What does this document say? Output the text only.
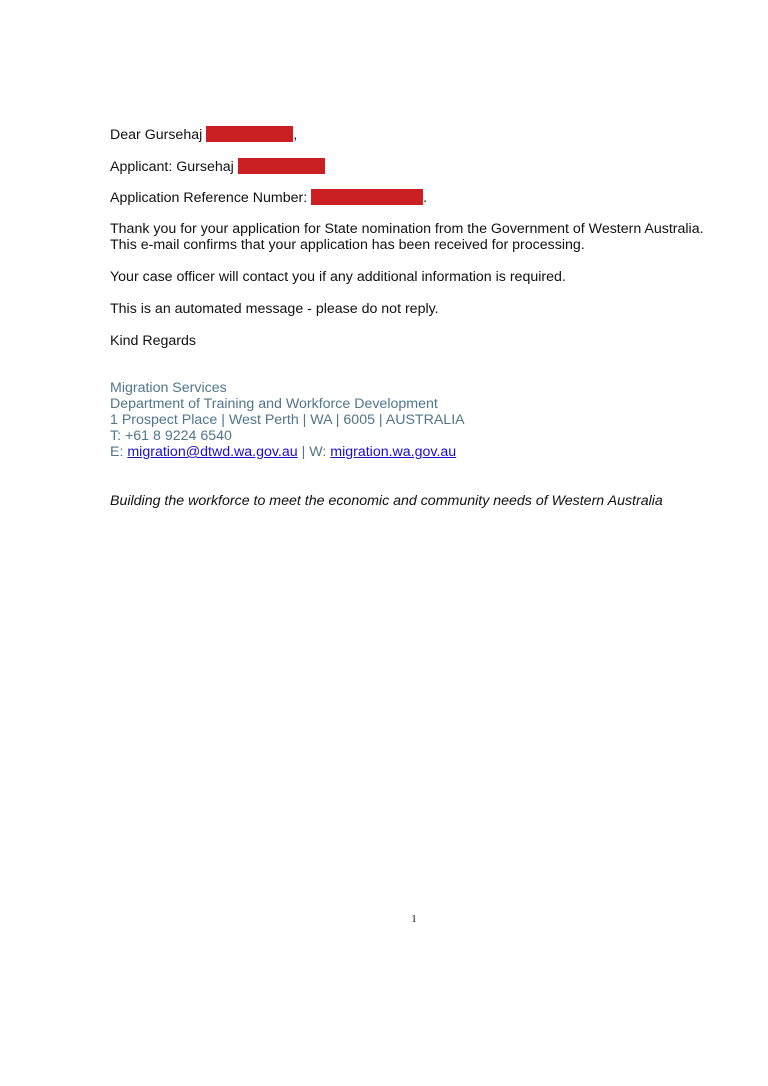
Dear Gursehaj	,
Applicant: Gursehaj
Application Reference Number:	.
Thank you for your application for State nomination from the Government of Western Australia.
This e-mail confirms that your application has been received for processing.
Your case officer will contact you if any additional information is required.
This is an automated message - please do not reply.
Kind Regards
Migration Services
Department of Training and Workforce Development
1 Prospect Place | West Perth | WA | 6005 | AUSTRALIA
T: +61 8 9224 6540
E: migration@dtwd.wa.gov.au | W: migration.wa.gov.au
Building the workforce to meet the economic and community needs of Western Australia
1
